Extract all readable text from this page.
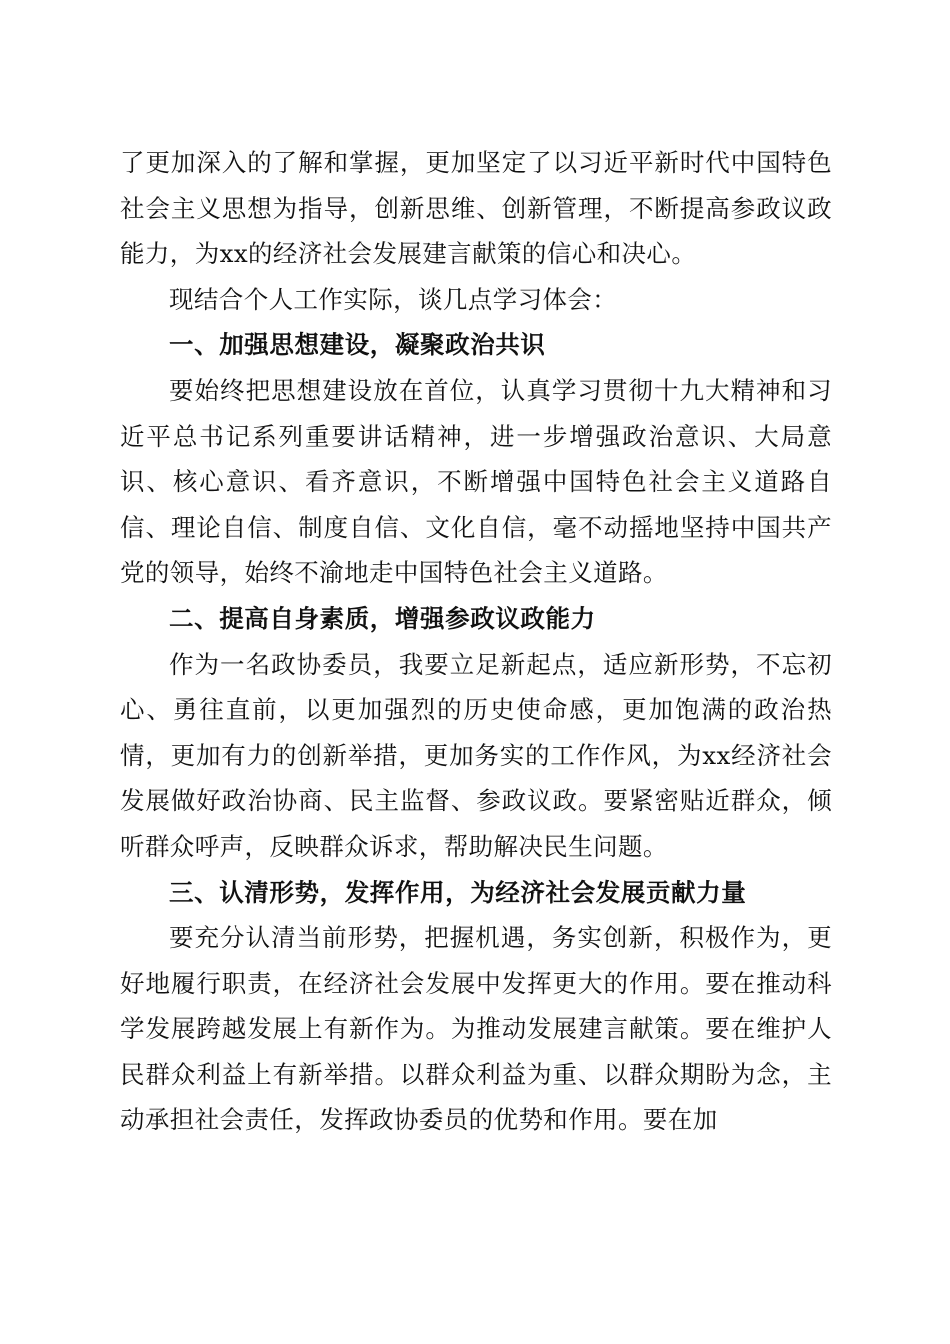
了更加深入的了解和掌握，更加坚定了以习近平新时代中国特色社会主义思想为指导，创新思维、创新管理，不断提高参政议政能力，为xx的经济社会发展建言献策的信心和决心。

现结合个人工作实际，谈几点学习体会：

一、加强思想建设，凝聚政治共识

要始终把思想建设放在首位，认真学习贯彻十九大精神和习近平总书记系列重要讲话精神，进一步增强政治意识、大局意识、核心意识、看齐意识，不断增强中国特色社会主义道路自信、理论自信、制度自信、文化自信，毫不动摇地坚持中国共产党的领导，始终不渝地走中国特色社会主义道路。

二、提高自身素质，增强参政议政能力

作为一名政协委员，我要立足新起点，适应新形势，不忘初心、勇往直前，以更加强烈的历史使命感，更加饱满的政治热情，更加有力的创新举措，更加务实的工作作风，为xx经济社会发展做好政治协商、民主监督、参政议政。要紧密贴近群众，倾听群众呼声，反映群众诉求，帮助解决民生问题。

三、认清形势，发挥作用，为经济社会发展贡献力量

要充分认清当前形势，把握机遇，务实创新，积极作为，更好地履行职责，在经济社会发展中发挥更大的作用。要在推动科学发展跨越发展上有新作为。为推动发展建言献策。要在维护人民群众利益上有新举措。以群众利益为重、以群众期盼为念，主动承担社会责任，发挥政协委员的优势和作用。要在加
